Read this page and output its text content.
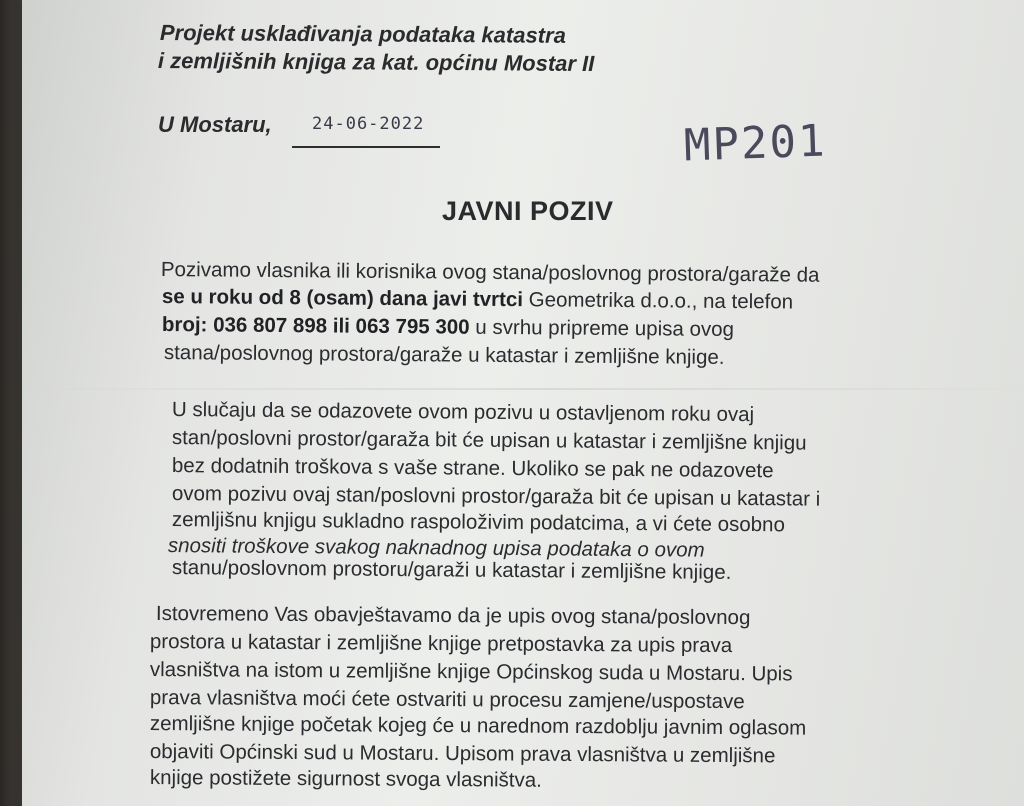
Projekt usklađivanja podataka katastra
i zemljišnih knjiga za kat. općinu Mostar II
U Mostaru, 24-06-2022	MP201
JAVNI POZIV
Pozivamo vlasnika ili korisnika ovog stana/poslovnog prostora/garaže da
se u roku od 8 (osam) dana javi tvrtci Geometrika d.o.o., na telefon
broj: 036 807 898 ili 063 795 300 u svrhu pripreme upisa ovog
stana/poslovnog prostora/garaže u katastar i zemljišne knjige.
U slučaju da se odazovete ovom pozivu u ostavljenom roku ovaj
stan/poslovni prostor/garaža bit će upisan u katastar i zemljišne knjigu
bez dodatnih troškova s vaše strane. Ukoliko se pak ne odazovete
ovom pozivu ovaj stan/poslovni prostor/garaža bit će upisan u katastar i
zemljišnu knjigu sukladno raspoloživim podatcima, a vi ćete osobno
snositi troškove svakog naknadnog upisa podataka o ovom
stanu/poslovnom prostoru/garaži u katastar i zemljišne knjige.
Istovremeno Vas obavještavamo da je upis ovog stana/poslovnog
prostora u katastar i zemljišne knjige pretpostavka za upis prava
vlasništva na istom u zemljišne knjige Općinskog suda u Mostaru. Upis
prava vlasništva moći ćete ostvariti u procesu zamjene/uspostave
zemljišne knjige početak kojeg će u narednom razdoblju javnim oglasom
objaviti Općinski sud u Mostaru. Upisom prava vlasništva u zemljišne
knjige postižete sigurnost svoga vlasništva.
